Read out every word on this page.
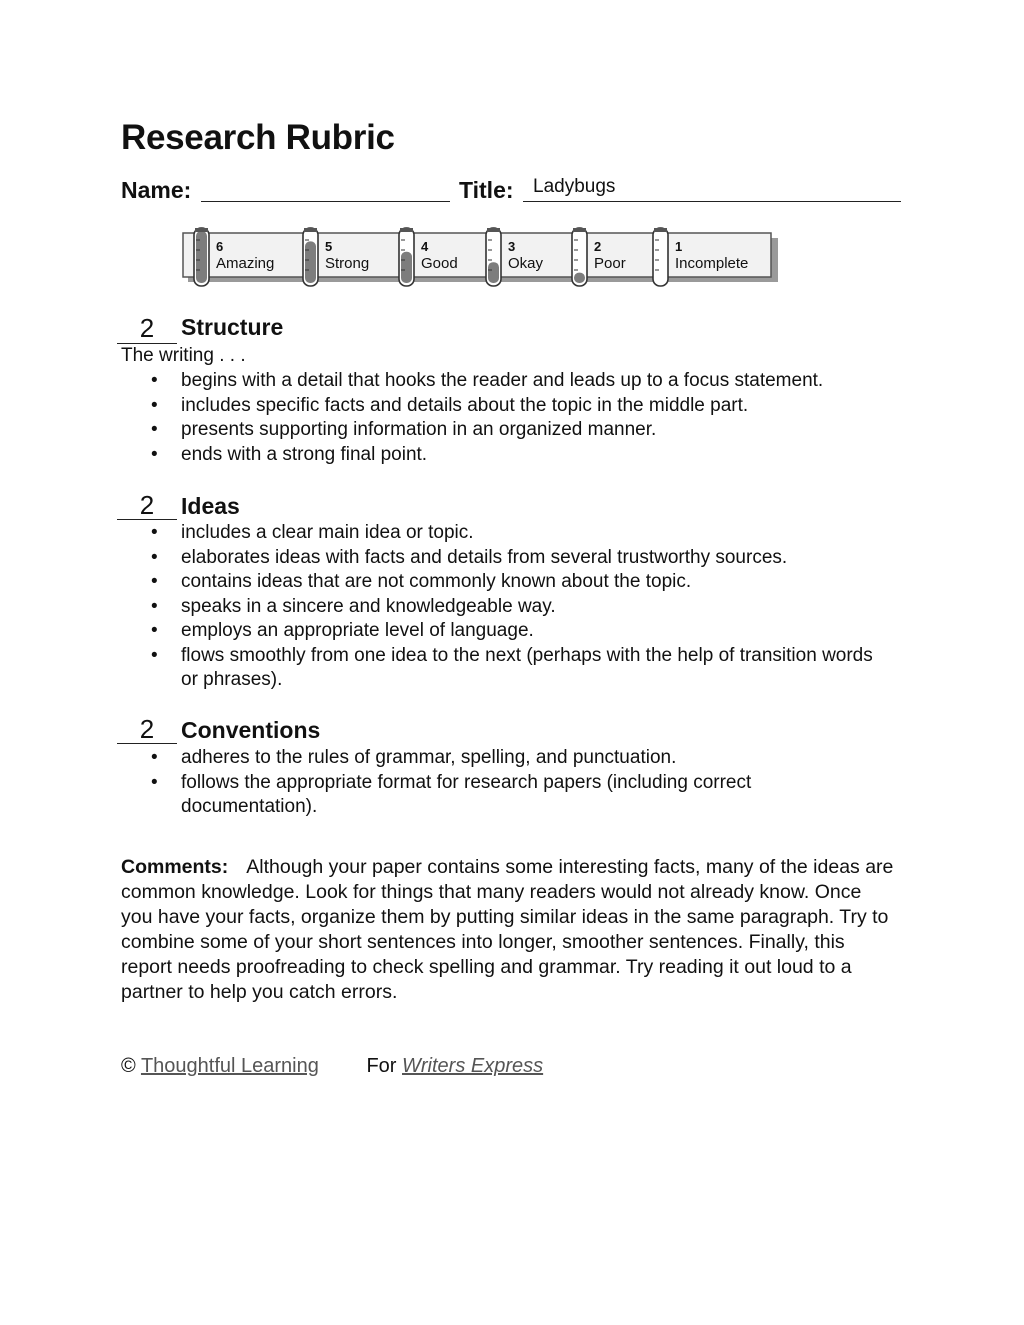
Research Rubric
Name:	Title: Ladybugs
6
Amazing
5
Strong
4
Good
3
Okay
2
Poor
1
Incomplete
2	Structure
The writing . . .
• begins with a detail that hooks the reader and leads up to a focus statement.
• includes specific facts and details about the topic in the middle part.
• presents supporting information in an organized manner.
• ends with a strong final point.
2	Ideas
• includes a clear main idea or topic.
• elaborates ideas with facts and details from several trustworthy sources.
• contains ideas that are not commonly known about the topic.
• speaks in a sincere and knowledgeable way.
• employs an appropriate level of language.
• flows smoothly from one idea to the next (perhaps with the help of transition words or phrases).
2	Conventions
• adheres to the rules of grammar, spelling, and punctuation.
• follows the appropriate format for research papers (including correct documentation).

Comments: Although your paper contains some interesting facts, many of the ideas are common knowledge. Look for things that many readers would not already know. Once you have your facts, organize them by putting similar ideas in the same paragraph. Try to combine some of your short sentences into longer, smoother sentences. Finally, this report needs proofreading to check spelling and grammar. Try reading it out loud to a partner to help you catch errors.

© Thoughtful Learning For Writers Express
